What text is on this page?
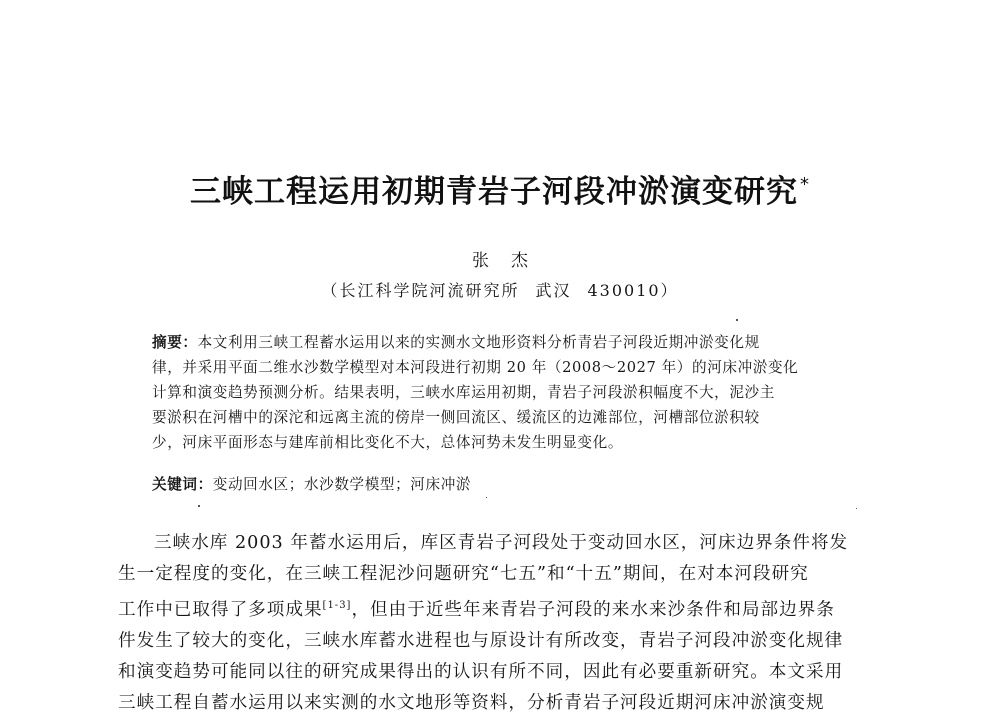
三峡工程运用初期青岩子河段冲淤演变研究 *
张杰
（长江科学院河流研究所 武汉 430010）
摘要：本文利用三峡工程蓄水运用以来的实测水文地形资料分析青岩子河段近期冲淤变化规
律，并采用平面二维水沙数学模型对本河段进行初期 20 年（2008～2027 年）的河床冲淤变化
计算和演变趋势预测分析。结果表明，三峡水库运用初期，青岩子河段淤积幅度不大，泥沙主
要淤积在河槽中的深沱和远离主流的傍岸一侧回流区、缓流区的边滩部位，河槽部位淤积较
少，河床平面形态与建库前相比变化不大，总体河势未发生明显变化。
关键词：变动回水区；水沙数学模型；河床冲淤
三峡水库 2003 年蓄水运用后，库区青岩子河段处于变动回水区，河床边界条件将发
生一定程度的变化，在三峡工程泥沙问题研究“七五”和“十五”期间，在对本河段研究
工作中已取得了多项成果[1-3]，但由于近些年来青岩子河段的来水来沙条件和局部边界条
件发生了较大的变化，三峡水库蓄水进程也与原设计有所改变，青岩子河段冲淤变化规律
和演变趋势可能同以往的研究成果得出的认识有所不同，因此有必要重新研究。本文采用
三峡工程自蓄水运用以来实测的水文地形等资料，分析青岩子河段近期河床冲淤演变规
